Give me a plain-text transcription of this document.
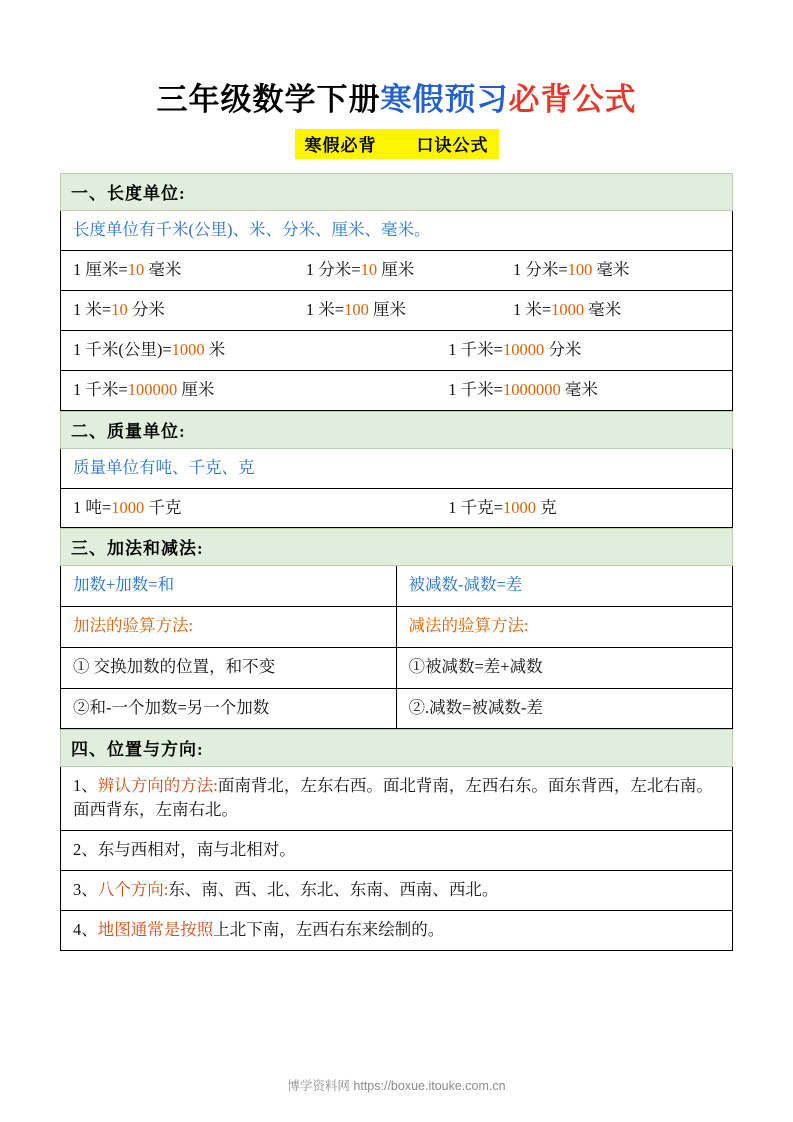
三年级数学下册寒假预习必背公式
寒假必背 口诀公式
一、长度单位:
长度单位有千米(公里)、米、分米、厘米、毫米。
1 厘米=10 毫米	1 分米=10 厘米	1 分米=100 毫米
1 米=10 分米	1 米=100 厘米	1 米=1000 毫米
1 千米(公里)=1000 米	1 千米=10000 分米
1 千米=100000 厘米	1 千米=1000000 毫米
二、质量单位:
质量单位有吨、千克、克
1 吨=1000 千克	1 千克=1000 克
三、加法和减法:
加数+加数=和	被减数-减数=差
加法的验算方法:	减法的验算方法:
① 交换加数的位置，和不变	①被减数=差+减数
②和-一个加数=另一个加数	②.减数=被减数-差
四、位置与方向:
1、辨认方向的方法:面南背北，左东右西。面北背南，左西右东。面东背西，左北右南。面西背东，左南右北。
2、东与西相对，南与北相对。
3、八个方向:东、南、西、北、东北、东南、西南、西北。
4、地图通常是按照上北下南，左西右东来绘制的。
博学资料网 https://boxue.itouke.com.cn
